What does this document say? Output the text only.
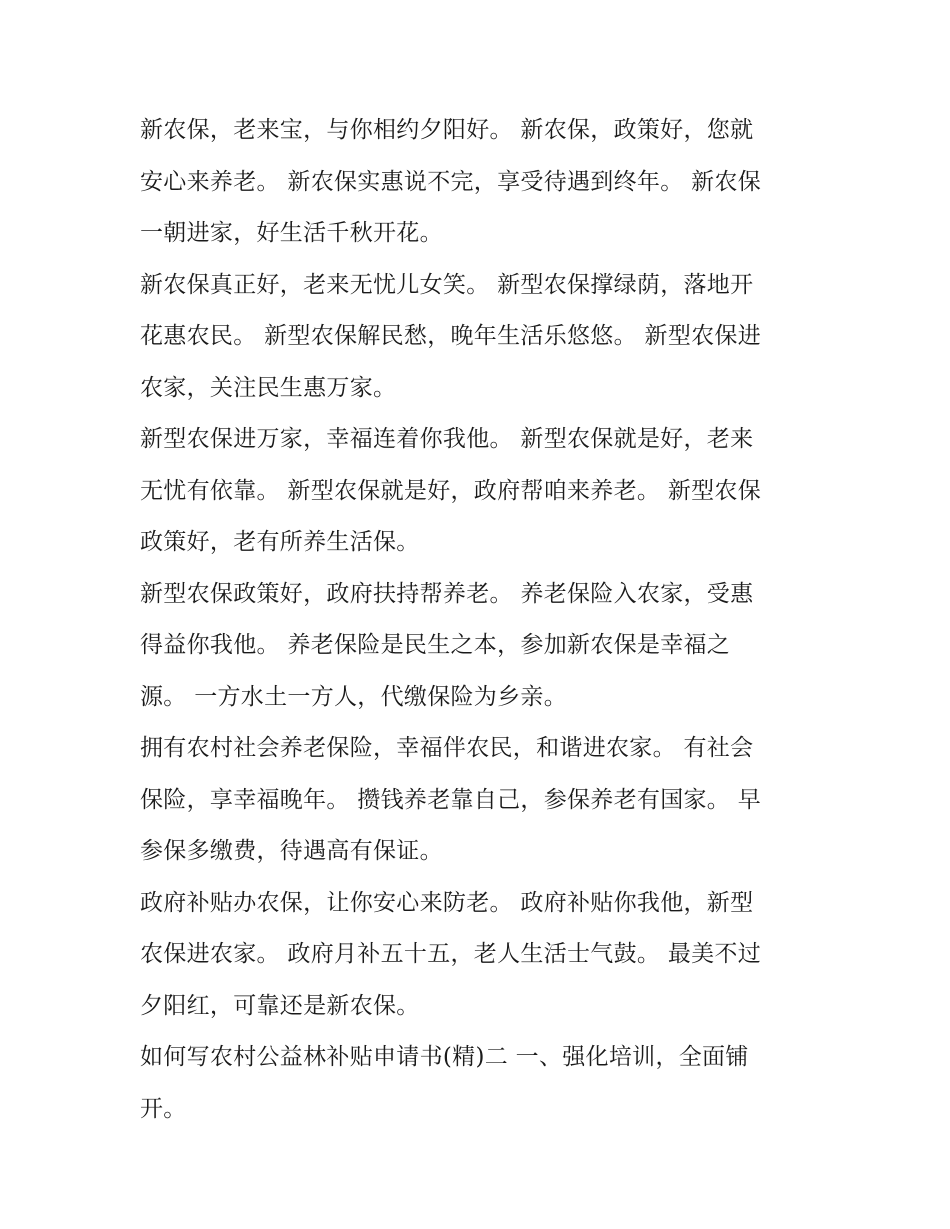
新农保，老来宝，与你相约夕阳好。 新农保，政策好，您就
安心来养老。 新农保实惠说不完，享受待遇到终年。 新农保
一朝进家，好生活千秋开花。
新农保真正好，老来无忧儿女笑。 新型农保撑绿荫，落地开
花惠农民。 新型农保解民愁，晚年生活乐悠悠。 新型农保进
农家，关注民生惠万家。
新型农保进万家，幸福连着你我他。 新型农保就是好，老来
无忧有依靠。 新型农保就是好，政府帮咱来养老。 新型农保
政策好，老有所养生活保。
新型农保政策好，政府扶持帮养老。 养老保险入农家，受惠
得益你我他。 养老保险是民生之本，参加新农保是幸福之
源。 一方水土一方人，代缴保险为乡亲。
拥有农村社会养老保险，幸福伴农民，和谐进农家。 有社会
保险，享幸福晚年。 攒钱养老靠自己，参保养老有国家。 早
参保多缴费，待遇高有保证。
政府补贴办农保，让你安心来防老。 政府补贴你我他，新型
农保进农家。 政府月补五十五，老人生活士气鼓。 最美不过
夕阳红，可靠还是新农保。
如何写农村公益林补贴申请书(精)二 一、强化培训，全面铺
开。
